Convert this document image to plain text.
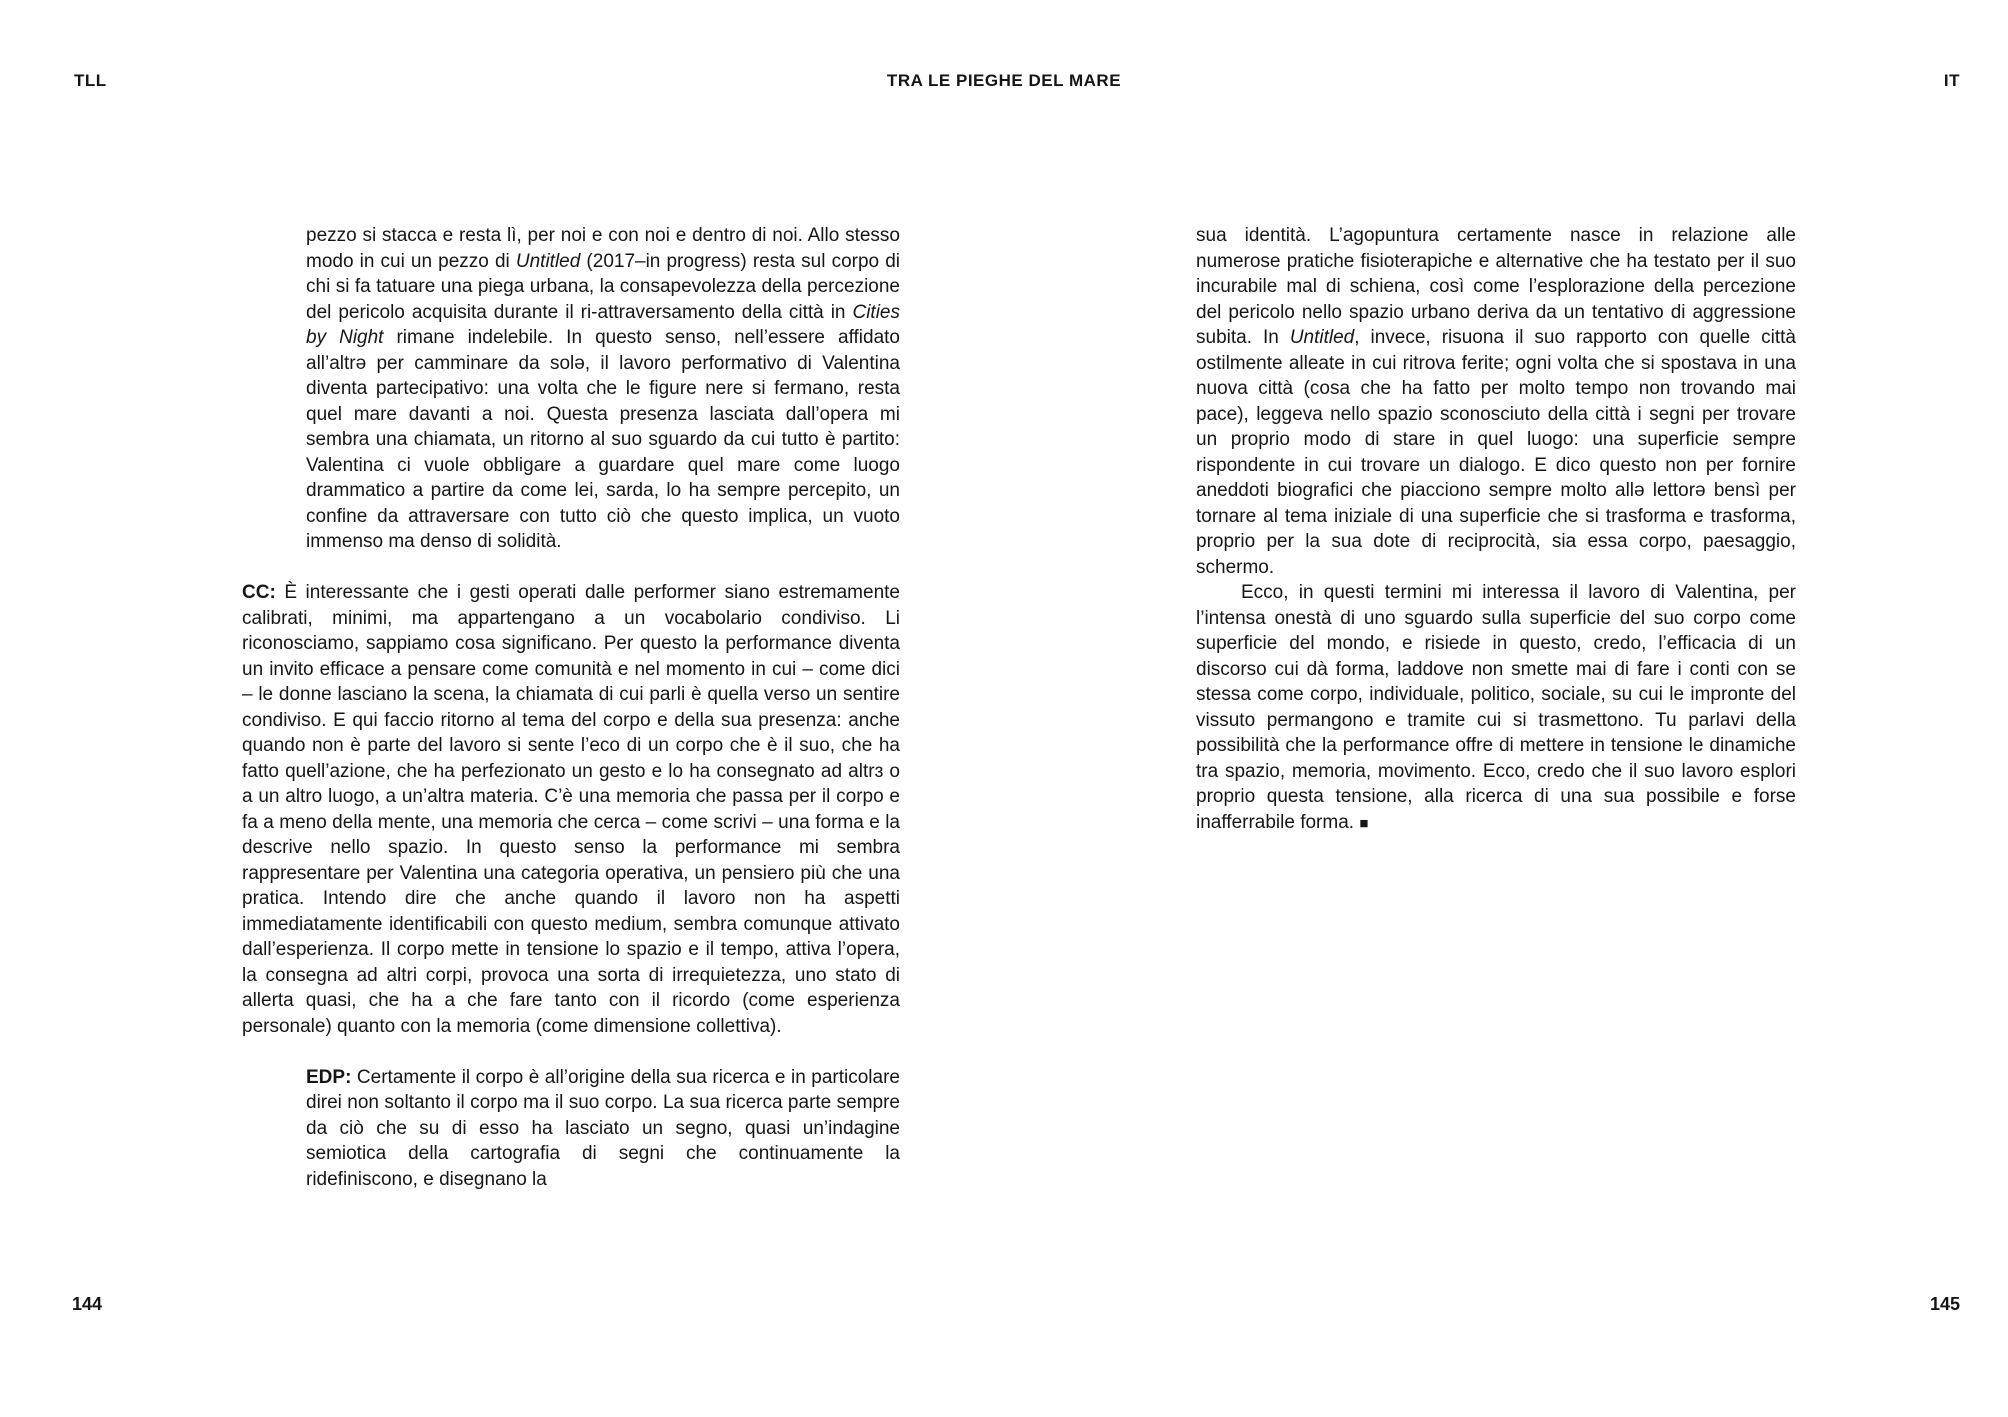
TLL	TRA LE PIEGHE DEL MARE	IT

pezzo si stacca e resta lì, per noi e con noi e dentro di noi. Allo stesso modo in cui un pezzo di Untitled (2017–in progress) resta sul corpo di chi si fa tatuare una piega urbana, la consapevolezza della percezione del pericolo acquisita durante il ri-attraversamento della città in Cities by Night rimane indelebile. In questo senso, nell’essere affidato all’altrə per camminare da solə, il lavoro performativo di Valentina diventa partecipativo: una volta che le figure nere si fermano, resta quel mare davanti a noi. Questa presenza lasciata dall’opera mi sembra una chiamata, un ritorno al suo sguardo da cui tutto è partito: Valentina ci vuole obbligare a guardare quel mare come luogo drammatico a partire da come lei, sarda, lo ha sempre percepito, un confine da attraversare con tutto ciò che questo implica, un vuoto immenso ma denso di solidità.

CC: È interessante che i gesti operati dalle performer siano estremamente calibrati, minimi, ma appartengano a un vocabolario condiviso. Li riconosciamo, sappiamo cosa significano. Per questo la performance diventa un invito efficace a pensare come comunità e nel momento in cui – come dici – le donne lasciano la scena, la chiamata di cui parli è quella verso un sentire condiviso. E qui faccio ritorno al tema del corpo e della sua presenza: anche quando non è parte del lavoro si sente l’eco di un corpo che è il suo, che ha fatto quell’azione, che ha perfezionato un gesto e lo ha consegnato ad altrɜ o a un altro luogo, a un’altra materia. C’è una memoria che passa per il corpo e fa a meno della mente, una memoria che cerca – come scrivi – una forma e la descrive nello spazio. In questo senso la performance mi sembra rappresentare per Valentina una categoria operativa, un pensiero più che una pratica. Intendo dire che anche quando il lavoro non ha aspetti immediatamente identificabili con questo medium, sembra comunque attivato dall’esperienza. Il corpo mette in tensione lo spazio e il tempo, attiva l’opera, la consegna ad altri corpi, provoca una sorta di irrequietezza, uno stato di allerta quasi, che ha a che fare tanto con il ricordo (come esperienza personale) quanto con la memoria (come dimensione collettiva).

EDP: Certamente il corpo è all’origine della sua ricerca e in particolare direi non soltanto il corpo ma il suo corpo. La sua ricerca parte sempre da ciò che su di esso ha lasciato un segno, quasi un’indagine semiotica della cartografia di segni che continuamente la ridefiniscono, e disegnano la

sua identità. L’agopuntura certamente nasce in relazione alle numerose pratiche fisioterapiche e alternative che ha testato per il suo incurabile mal di schiena, così come l’esplorazione della percezione del pericolo nello spazio urbano deriva da un tentativo di aggressione subita. In Untitled, invece, risuona il suo rapporto con quelle città ostilmente alleate in cui ritrova ferite; ogni volta che si spostava in una nuova città (cosa che ha fatto per molto tempo non trovando mai pace), leggeva nello spazio sconosciuto della città i segni per trovare un proprio modo di stare in quel luogo: una superficie sempre rispondente in cui trovare un dialogo. E dico questo non per fornire aneddoti biografici che piacciono sempre molto allə lettorə bensì per tornare al tema iniziale di una superficie che si trasforma e trasforma, proprio per la sua dote di reciprocità, sia essa corpo, paesaggio, schermo.

Ecco, in questi termini mi interessa il lavoro di Valentina, per l’intensa onestà di uno sguardo sulla superficie del suo corpo come superficie del mondo, e risiede in questo, credo, l’efficacia di un discorso cui dà forma, laddove non smette mai di fare i conti con se stessa come corpo, individuale, politico, sociale, su cui le impronte del vissuto permangono e tramite cui si trasmettono. Tu parlavi della possibilità che la performance offre di mettere in tensione le dinamiche tra spazio, memoria, movimento. Ecco, credo che il suo lavoro esplori proprio questa tensione, alla ricerca di una sua possibile e forse inafferrabile forma. ■

144	145
